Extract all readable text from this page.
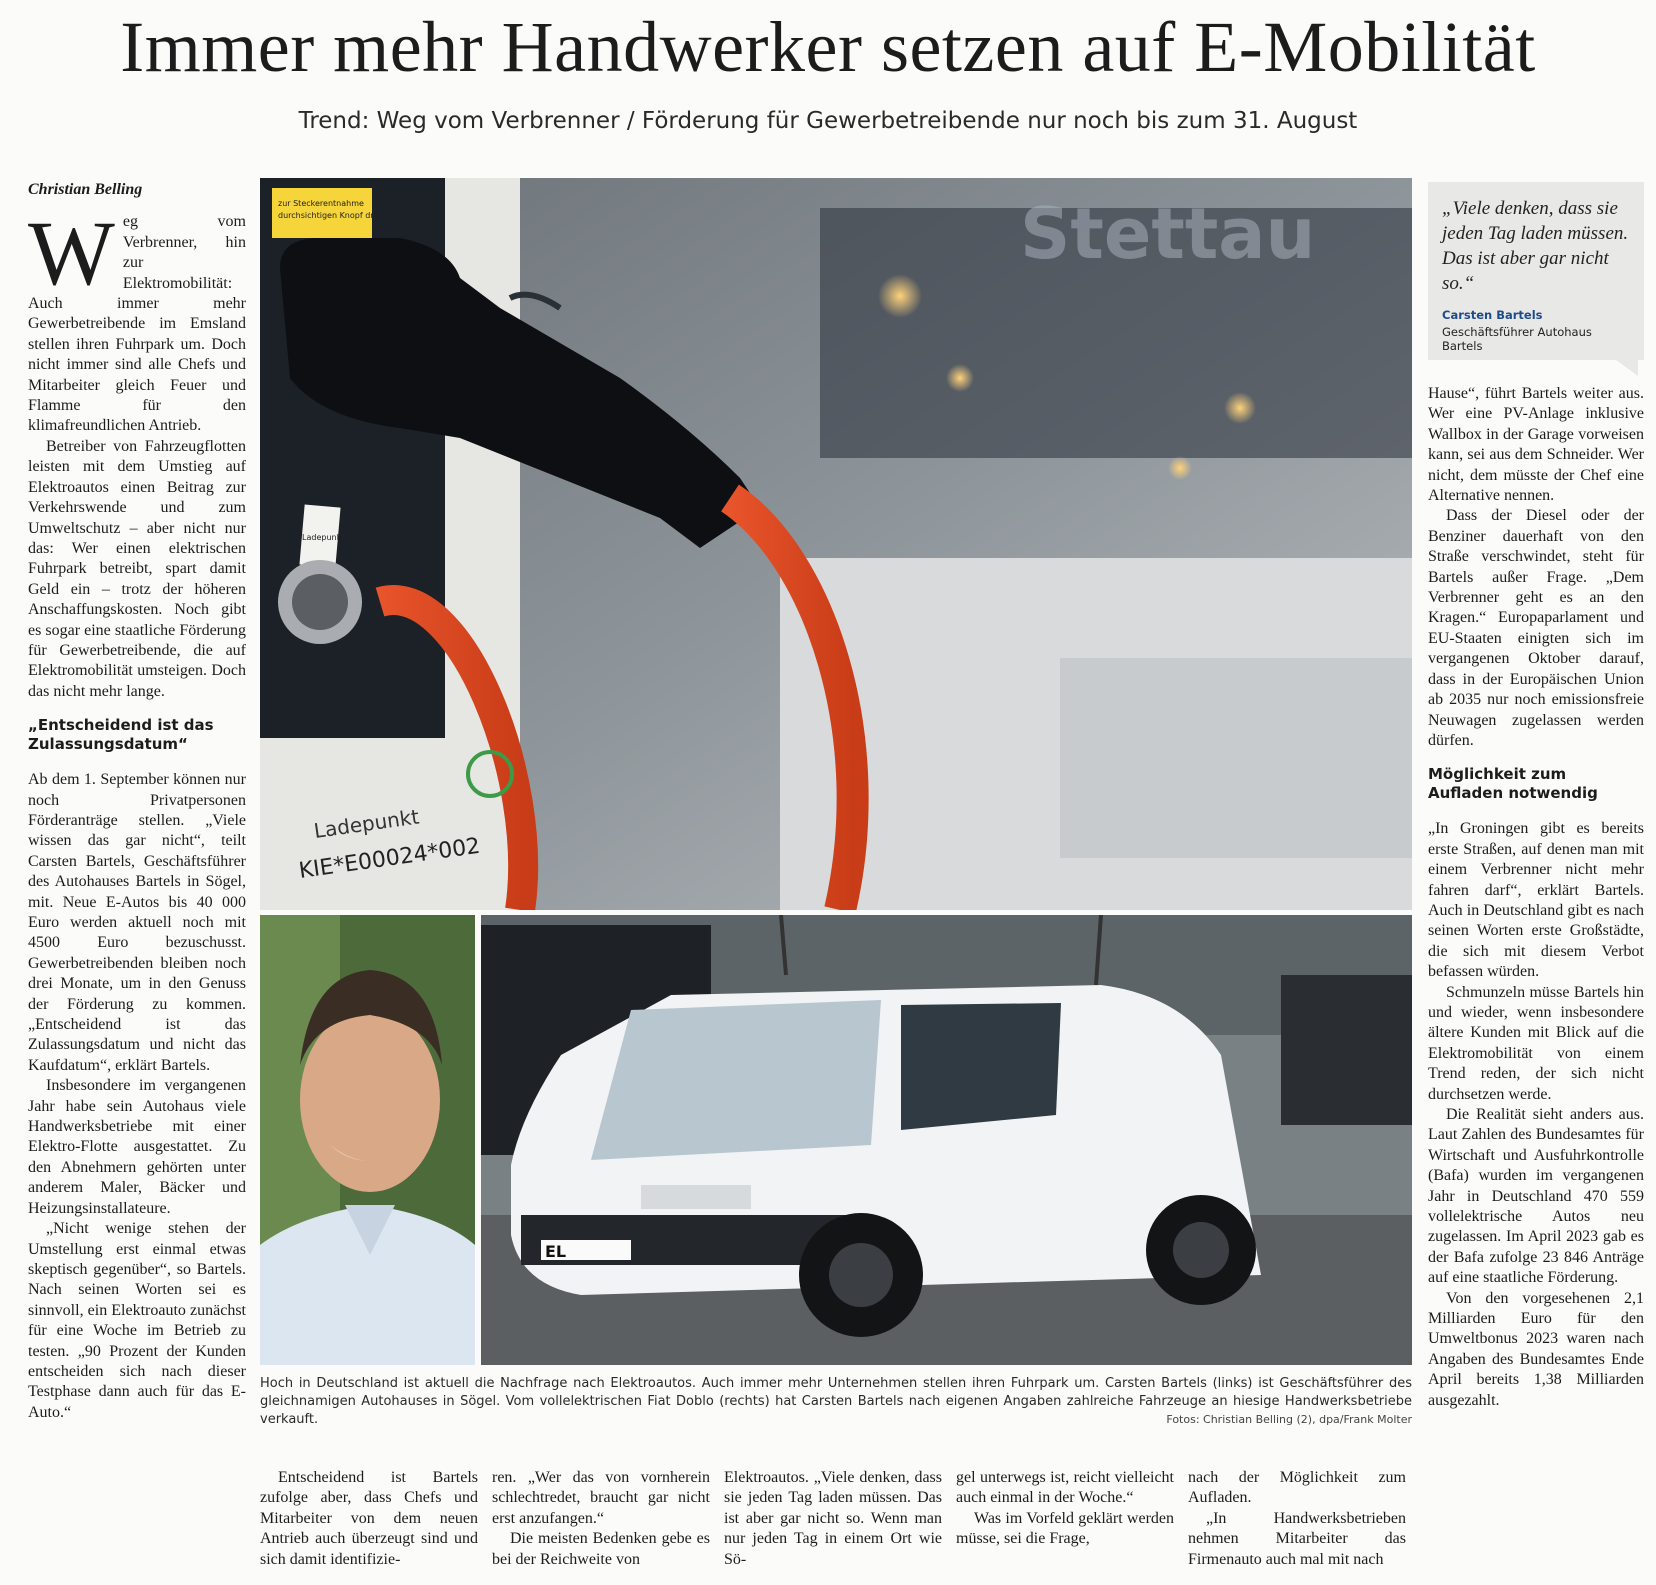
Immer mehr Handwerker setzen auf E-Mobilität
Trend: Weg vom Verbrenner / Förderung für Gewerbetreibende nur noch bis zum 31. August
Christian Belling
Weg vom Verbrenner, hin zur Elektromobilität: Auch immer mehr Gewerbetreibende im Emsland stellen ihren Fuhrpark um. Doch nicht immer sind alle Chefs und Mitarbeiter gleich Feuer und Flamme für den klimafreundlichen Antrieb.

Betreiber von Fahrzeugflotten leisten mit dem Umstieg auf Elektroautos einen Beitrag zur Verkehrswende und zum Umweltschutz – aber nicht nur das: Wer einen elektrischen Fuhrpark betreibt, spart damit Geld ein – trotz der höheren Anschaffungskosten. Noch gibt es sogar eine staatliche Förderung für Gewerbetreibende, die auf Elektromobilität umsteigen. Doch das nicht mehr lange.

„Entscheidend ist das Zulassungsdatum“

Ab dem 1. September können nur noch Privatpersonen Förderanträge stellen. „Viele wissen das gar nicht“, teilt Carsten Bartels, Geschäftsführer des Autohauses Bartels in Sögel, mit. Neue E-Autos bis 40 000 Euro werden aktuell noch mit 4500 Euro bezuschusst. Gewerbetreibenden bleiben noch drei Monate, um in den Genuss der Förderung zu kommen. „Entscheidend ist das Zulassungsdatum und nicht das Kaufdatum“, erklärt Bartels.

Insbesondere im vergangenen Jahr habe sein Autohaus viele Handwerksbetriebe mit einer Elektro-Flotte ausgestattet. Zu den Abnehmern gehörten unter anderem Maler, Bäcker und Heizungsinstallateure.

„Nicht wenige stehen der Umstellung erst einmal etwas skeptisch gegenüber“, so Bartels. Nach seinen Worten sei es sinnvoll, ein Elektroauto zunächst für eine Woche im Betrieb zu testen. „90 Prozent der Kunden entscheiden sich nach dieser Testphase dann auch für das E-Auto.“

Stettau
zur Steckerentnahme
durchsichtigen Knopf drücken
Ladepunkt 1
Ladepunkt
KIE*E00024*002
EL
Hoch in Deutschland ist aktuell die Nachfrage nach Elektroautos. Auch immer mehr Unternehmen stellen ihren Fuhrpark um. Carsten Bartels (links) ist Geschäftsführer des gleichnamigen Autohauses in Sögel. Vom vollelektrischen Fiat Doblo (rechts) hat Carsten Bartels nach eigenen Angaben zahlreiche Fahrzeuge an hiesige Handwerksbetriebe verkauft.	Fotos: Christian Belling (2), dpa/Frank Molter
„Viele denken, dass sie jeden Tag laden müssen. Das ist aber gar nicht so.“
Carsten Bartels
Geschäftsführer Autohaus Bartels

Hause“, führt Bartels weiter aus. Wer eine PV-Anlage inklusive Wallbox in der Garage vorweisen kann, sei aus dem Schneider. Wer nicht, dem müsste der Chef eine Alternative nennen.

Dass der Diesel oder der Benziner dauerhaft von den Straße verschwindet, steht für Bartels außer Frage. „Dem Verbrenner geht es an den Kragen.“ Europaparlament und EU-Staaten einigten sich im vergangenen Oktober darauf, dass in der Europäischen Union ab 2035 nur noch emissionsfreie Neuwagen zugelassen werden dürfen.

Möglichkeit zum Aufladen notwendig

„In Groningen gibt es bereits erste Straßen, auf denen man mit einem Verbrenner nicht mehr fahren darf“, erklärt Bartels. Auch in Deutschland gibt es nach seinen Worten erste Großstädte, die sich mit diesem Verbot befassen würden.

Schmunzeln müsse Bartels hin und wieder, wenn insbesondere ältere Kunden mit Blick auf die Elektromobilität von einem Trend reden, der sich nicht durchsetzen werde.

Die Realität sieht anders aus. Laut Zahlen des Bundesamtes für Wirtschaft und Ausfuhrkontrolle (Bafa) wurden im vergangenen Jahr in Deutschland 470 559 vollelektrische Autos neu zugelassen. Im April 2023 gab es der Bafa zufolge 23 846 Anträge auf eine staatliche Förderung.

Von den vorgesehenen 2,1 Milliarden Euro für den Umweltbonus 2023 waren nach Angaben des Bundesamtes Ende April bereits 1,38 Milliarden ausgezahlt.

Entscheidend ist Bartels zufolge aber, dass Chefs und Mitarbeiter von dem neuen Antrieb auch überzeugt sind und sich damit identifizie-

ren. „Wer das von vornherein schlechtredet, braucht gar nicht erst anzufangen.“

Die meisten Bedenken gebe es bei der Reichweite von

Elektroautos. „Viele denken, dass sie jeden Tag laden müssen. Das ist aber gar nicht so. Wenn man nur jeden Tag in einem Ort wie Sö-

gel unterwegs ist, reicht vielleicht auch einmal in der Woche.“

Was im Vorfeld geklärt werden müsse, sei die Frage,

nach der Möglichkeit zum Aufladen.

„In Handwerksbetrieben nehmen Mitarbeiter das Firmenauto auch mal mit nach
